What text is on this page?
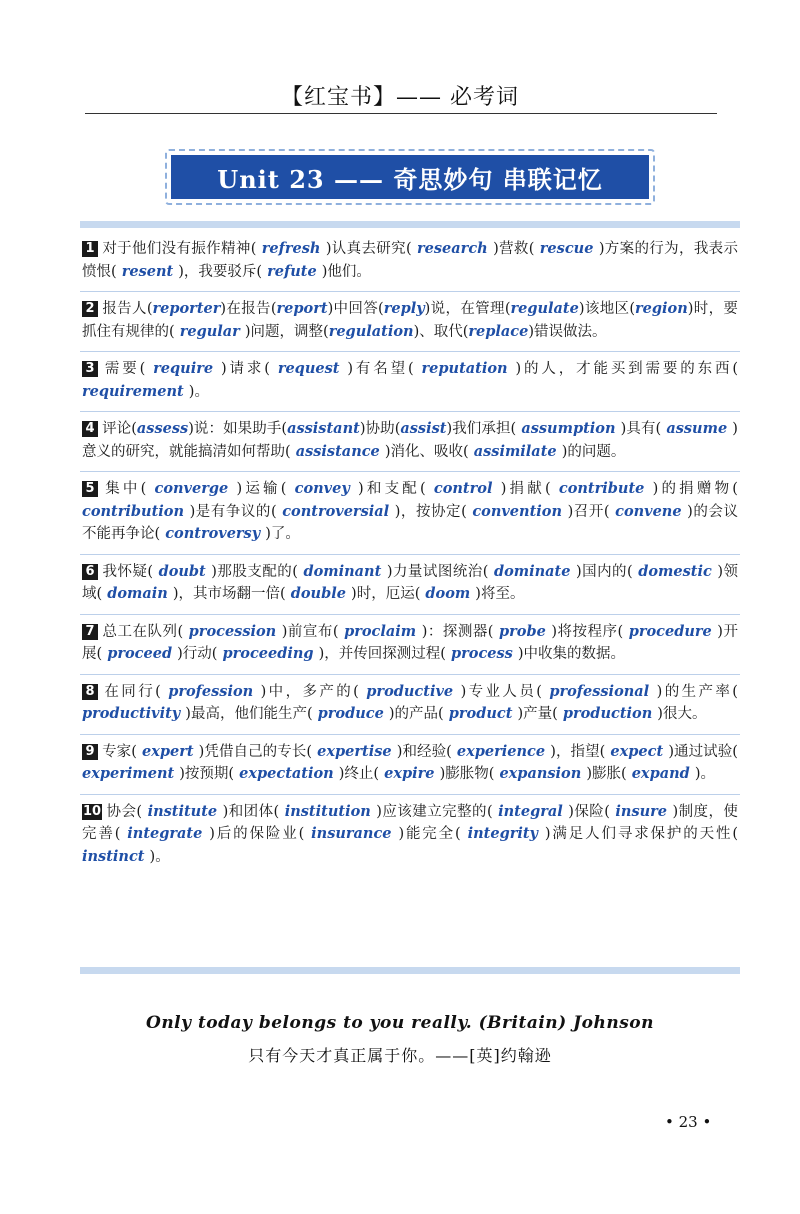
【红宝书】—— 必考词
Unit 23 —— 奇思妙句 串联记忆

1 对于他们没有振作精神( refresh )认真去研究( research )营救( rescue )方案的行为，我表示愤恨( resent )，我要驳斥( refute )他们。

2 报告人(reporter)在报告(report)中回答(reply)说，在管理(regulate)该地区(region)时，要抓住有规律的( regular )问题，调整(regulation)、取代(replace)错误做法。

3 需要( require )请求( request )有名望( reputation )的人，才能买到需要的东西( requirement )。

4 评论(assess)说：如果助手(assistant)协助(assist)我们承担( assumption )具有( assume )意义的研究，就能搞清如何帮助( assistance )消化、吸收( assimilate )的问题。

5 集中( converge )运输( convey )和支配( control )捐献( contribute )的捐赠物( contribution )是有争议的( controversial )，按协定( convention )召开( convene )的会议不能再争论( controversy )了。

6 我怀疑( doubt )那股支配的( dominant )力量试图统治( dominate )国内的( domestic )领域( domain )，其市场翻一倍( double )时，厄运( doom )将至。

7 总工在队列( procession )前宣布( proclaim )：探测器( probe )将按程序( procedure )开展( proceed )行动( proceeding )，并传回探测过程( process )中收集的数据。

8 在同行( profession )中，多产的( productive )专业人员( professional )的生产率( productivity )最高，他们能生产( produce )的产品( product )产量( production )很大。

9 专家( expert )凭借自己的专长( expertise )和经验( experience )，指望( expect )通过试验( experiment )按预期( expectation )终止( expire )膨胀物( expansion )膨胀( expand )。

10 协会( institute )和团体( institution )应该建立完整的( integral )保险( insure )制度，使完善( integrate )后的保险业( insurance )能完全( integrity )满足人们寻求保护的天性( instinct )。

Only today belongs to you really. (Britain) Johnson
只有今天才真正属于你。——[英]约翰逊
• 23 •
